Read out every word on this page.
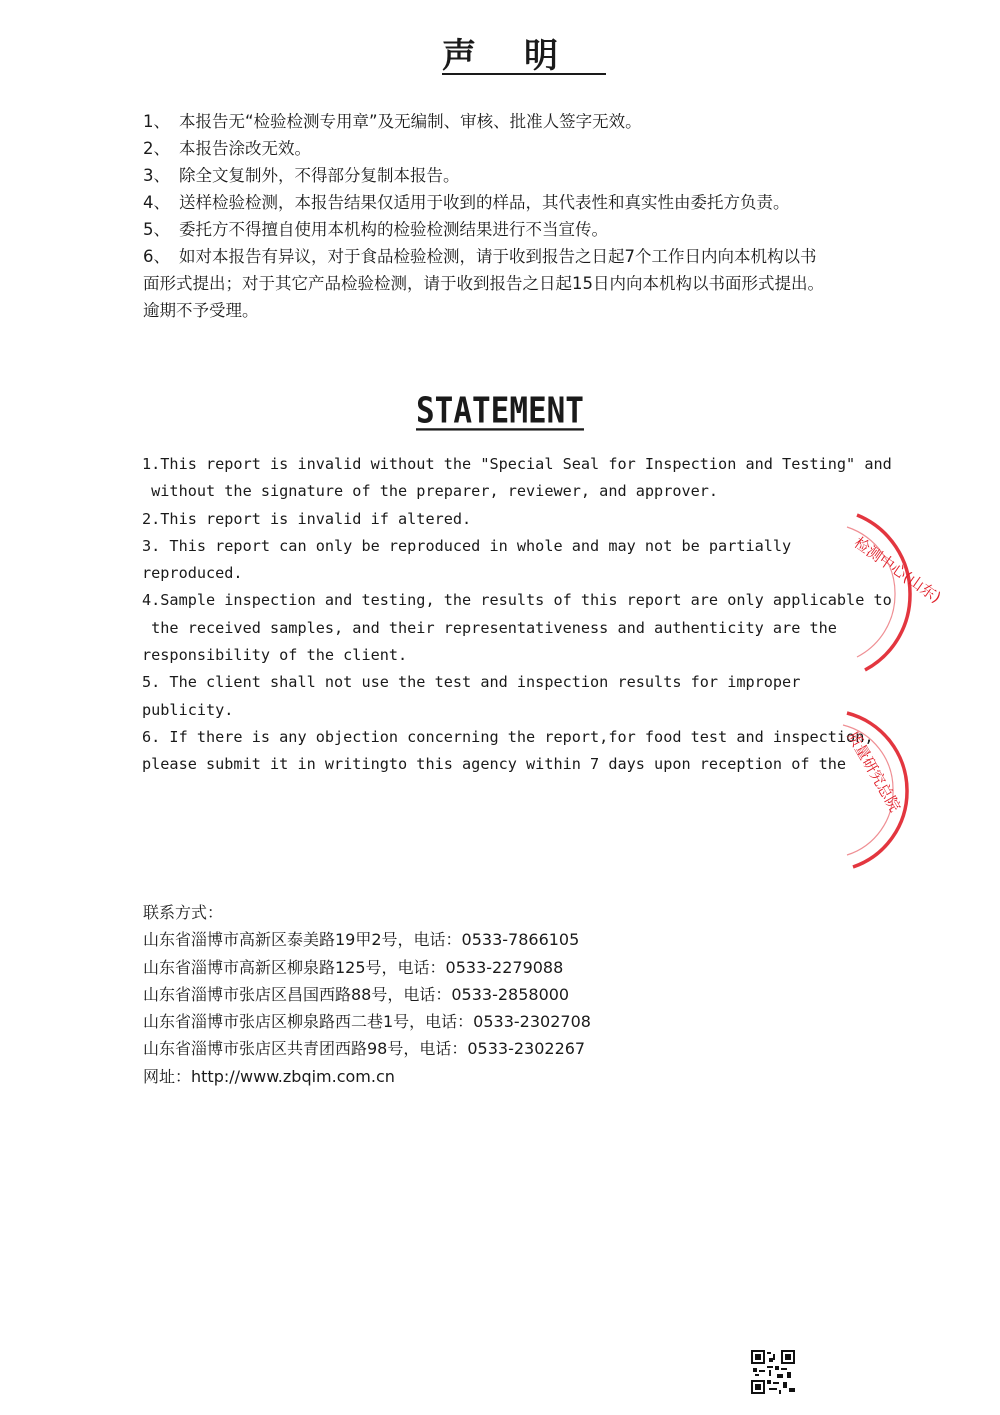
声明
1、 本报告无“检验检测专用章”及无编制、审核、批准人签字无效。
2、 本报告涂改无效。
3、 除全文复制外，不得部分复制本报告。
4、 送样检验检测，本报告结果仅适用于收到的样品，其代表性和真实性由委托方负责。
5、 委托方不得擅自使用本机构的检验检测结果进行不当宣传。
6、 如对本报告有异议，对于食品检验检测，请于收到报告之日起7个工作日内向本机构以书
面形式提出；对于其它产品检验检测，请于收到报告之日起15日内向本机构以书面形式提出。
逾期不予受理。
STATEMENT
1.This report is invalid without the "Special Seal for Inspection and Testing" and
without the signature of the preparer, reviewer, and approver.
2.This report is invalid if altered.
3. This report can only be reproduced in whole and may not be partially
reproduced.
4.Sample inspection and testing, the results of this report are only applicable to
the received samples, and their representativeness and authenticity are the
responsibility of the client.
5. The client shall not use the test and inspection results for improper
publicity.
6. If there is any objection concerning the report,for food test and inspection,
please submit it in writingto this agency within 7 days upon reception of the
检测中心(山东)
质量研究总院
联系方式：
山东省淄博市高新区泰美路19甲2号，电话：0533-7866105
山东省淄博市高新区柳泉路125号，电话：0533-2279088
山东省淄博市张店区昌国西路88号，电话：0533-2858000
山东省淄博市张店区柳泉路西二巷1号，电话：0533-2302708
山东省淄博市张店区共青团西路98号，电话：0533-2302267
网址：http://www.zbqim.com.cn
